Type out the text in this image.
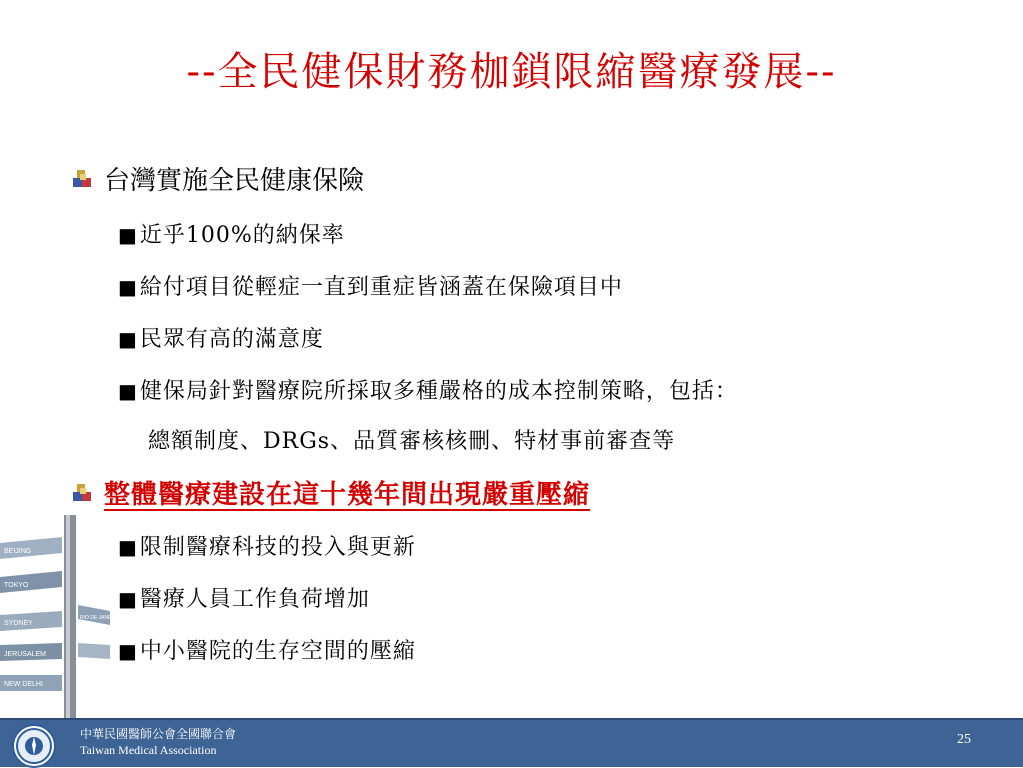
--全民健保財務枷鎖限縮醫療發展--
台灣實施全民健康保險
■近乎100%的納保率
■給付項目從輕症一直到重症皆涵蓋在保險項目中
■民眾有高的滿意度
■健保局針對醫療院所採取多種嚴格的成本控制策略，包括：
總額制度、DRGs、品質審核核刪、特材事前審查等
整體醫療建設在這十幾年間出現嚴重壓縮
■限制醫療科技的投入與更新
■醫療人員工作負荷增加
■中小醫院的生存空間的壓縮
BEIJING
TOKYO
SYDNEY
RIO DE JANEIRO
JERUSALEM
NEW DELHI
中華民國醫師公會全國聯合會
Taiwan Medical Association
25
